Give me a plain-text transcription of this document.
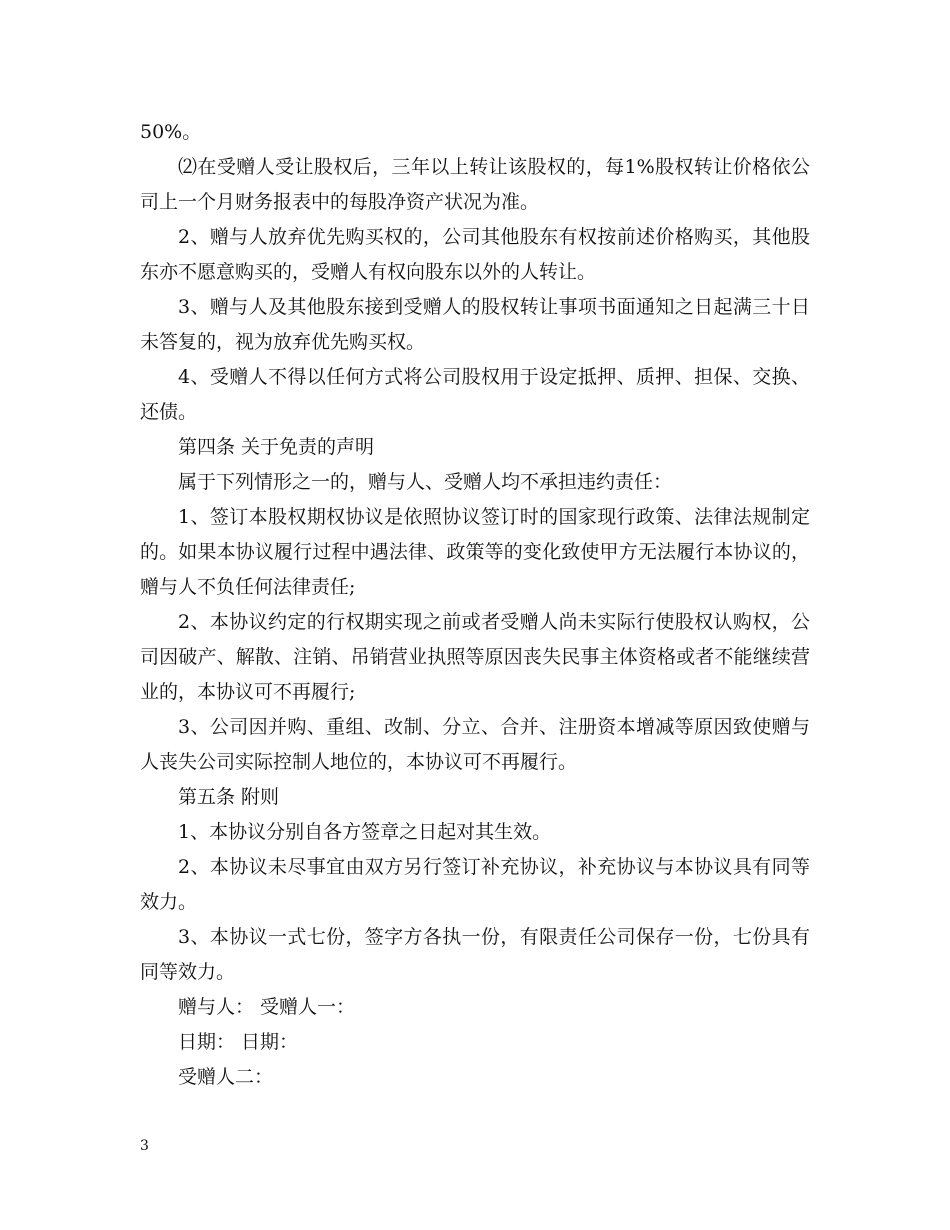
50%。

⑵在受赠人受让股权后，三年以上转让该股权的，每1%股权转让价格依公司上一个月财务报表中的每股净资产状况为准。

2、赠与人放弃优先购买权的，公司其他股东有权按前述价格购买，其他股东亦不愿意购买的，受赠人有权向股东以外的人转让。

3、赠与人及其他股东接到受赠人的股权转让事项书面通知之日起满三十日未答复的，视为放弃优先购买权。

4、受赠人不得以任何方式将公司股权用于设定抵押、质押、担保、交换、还债。

第四条 关于免责的声明

属于下列情形之一的，赠与人、受赠人均不承担违约责任：

1、签订本股权期权协议是依照协议签订时的国家现行政策、法律法规制定的。如果本协议履行过程中遇法律、政策等的变化致使甲方无法履行本协议的，赠与人不负任何法律责任;

2、本协议约定的行权期实现之前或者受赠人尚未实际行使股权认购权，公司因破产、解散、注销、吊销营业执照等原因丧失民事主体资格或者不能继续营业的，本协议可不再履行;

3、公司因并购、重组、改制、分立、合并、注册资本增减等原因致使赠与人丧失公司实际控制人地位的，本协议可不再履行。

第五条 附则

1、本协议分别自各方签章之日起对其生效。

2、本协议未尽事宜由双方另行签订补充协议，补充协议与本协议具有同等效力。

3、本协议一式七份，签字方各执一份，有限责任公司保存一份，七份具有同等效力。

赠与人： 受赠人一：

日期： 日期：

受赠人二：

3
